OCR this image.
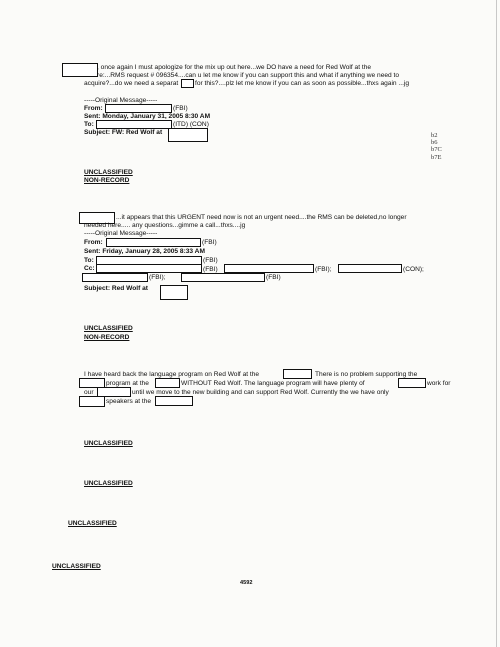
, once again I must apologize for the mix up out here...we DO have a need for Red Wolf at the
re:...RMS request # 096354....can u let me know if you can support this and what if anything we need to
acquire?...do we need a separat	for this?....plz let me know if you can as soon as possible...thxs again ...jg
-----Original Message-----
From:	(FBI)
Sent: Monday, January 31, 2005 8:30 AM
To:	(ITD) (CON)
Subject: FW: Red Wolf at	b2
b6
b7C
b7E
UNCLASSIFIED
NON-RECORD
...it appears that this URGENT need now is not an urgent need....the RMS can be deleted,no longer
needed here..... any questions...gimme a call...thxs....jg
-----Original Message-----
From:	(FBI)
Sent: Friday, January 28, 2005 8:33 AM
To:	(FBI)
Cc:	(FBI)	(FBI);	(CON);
(FBI);	(FBI)
Subject: Red Wolf at
UNCLASSIFIED
NON-RECORD
I have heard back the language program on Red Wolf at the	There is no problem supporting the
program at the	WITHOUT Red Wolf. The language program will have plenty of	work for
our	until we move to the new building and can support Red Wolf. Currently the we have only
speakers at the
UNCLASSIFIED
UNCLASSIFIED
UNCLASSIFIED
UNCLASSIFIED
4592
